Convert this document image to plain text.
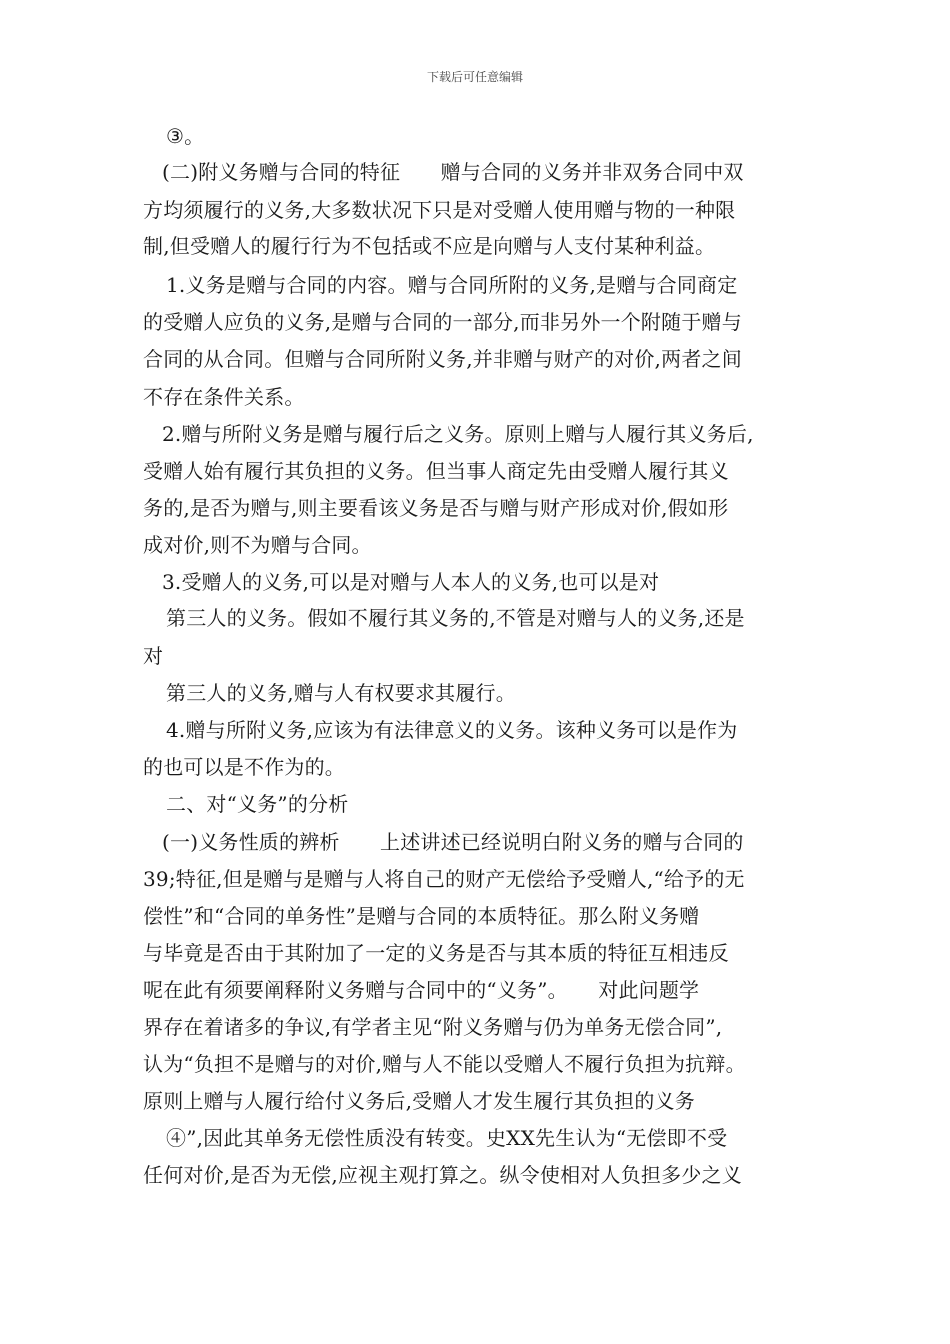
下载后可任意编辑
③。
(二)附义务赠与合同的特征　　赠与合同的义务并非双务合同中双
方均须履行的义务,大多数状况下只是对受赠人使用赠与物的一种限
制,但受赠人的履行行为不包括或不应是向赠与人支付某种利益。
1.义务是赠与合同的内容。赠与合同所附的义务,是赠与合同商定
的受赠人应负的义务,是赠与合同的一部分,而非另外一个附随于赠与
合同的从合同。但赠与合同所附义务,并非赠与财产的对价,两者之间
不存在条件关系。
2.赠与所附义务是赠与履行后之义务。原则上赠与人履行其义务后,
受赠人始有履行其负担的义务。但当事人商定先由受赠人履行其义
务的,是否为赠与,则主要看该义务是否与赠与财产形成对价,假如形
成对价,则不为赠与合同。
3.受赠人的义务,可以是对赠与人本人的义务,也可以是对
第三人的义务。假如不履行其义务的,不管是对赠与人的义务,还是
对
第三人的义务,赠与人有权要求其履行。
4.赠与所附义务,应该为有法律意义的义务。该种义务可以是作为
的也可以是不作为的。
二、对“义务”的分析
(一)义务性质的辨析　　上述讲述已经说明白附义务的赠与合同的
39;特征,但是赠与是赠与人将自己的财产无偿给予受赠人,“给予的无
偿性”和“合同的单务性”是赠与合同的本质特征。那么附义务赠
与毕竟是否由于其附加了一定的义务是否与其本质的特征互相违反
呢在此有须要阐释附义务赠与合同中的“义务”。　　对此问题学
界存在着诸多的争议,有学者主见“附义务赠与仍为单务无偿合同”,
认为“负担不是赠与的对价,赠与人不能以受赠人不履行负担为抗辩。
原则上赠与人履行给付义务后,受赠人才发生履行其负担的义务
④”,因此其单务无偿性质没有转变。史XX先生认为“无偿即不受
任何对价,是否为无偿,应视主观打算之。纵令使相对人负担多少之义
